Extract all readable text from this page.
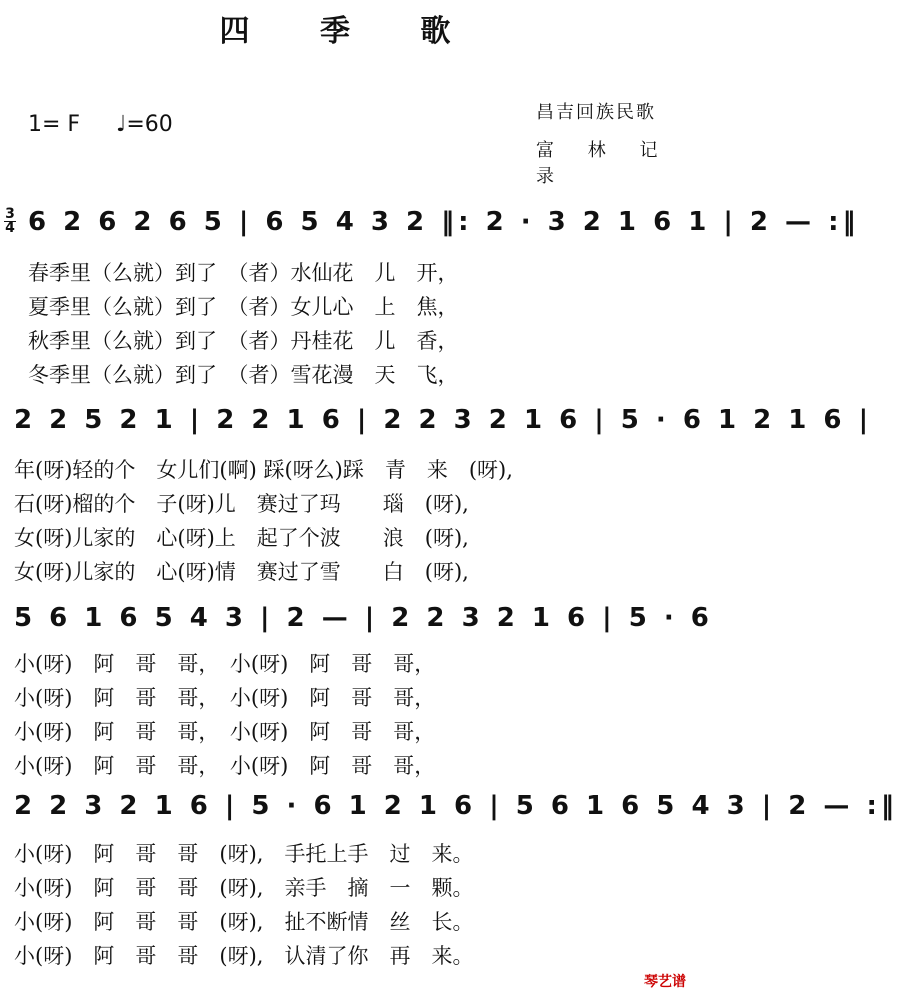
四 季 歌
1= F ♩=60	昌吉回族民歌
富 林 记录
3
4 6 2 6 2 6 5 | 6 5 4 3 2 ‖: 2 · 3 2 1 6 1 | 2 — :‖
春季里（么就）到了　（者）水仙花　儿　开，
夏季里（么就）到了　（者）女儿心　上　焦，
秋季里（么就）到了　（者）丹桂花　儿　香，
冬季里（么就）到了　（者）雪花漫　天　飞，
2 2 5 2 1 | 2 2 1 6 | 2 2 3 2 1 6 | 5 · 6 1 2 1 6 |
年(呀)轻的个　女儿们(啊) 踩(呀么)踩　青　来　(呀),
石(呀)榴的个　子(呀)儿　赛过了玛　　瑙　(呀),
女(呀)儿家的　心(呀)上　起了个波　　浪　(呀),
女(呀)儿家的　心(呀)情　赛过了雪　　白　(呀),
5 6 1 6 5 4 3 | 2 — | 2 2 3 2 1 6 | 5 · 6
小(呀)　阿　哥　哥，　小(呀)　阿　哥　哥，
小(呀)　阿　哥　哥，　小(呀)　阿　哥　哥，
小(呀)　阿　哥　哥，　小(呀)　阿　哥　哥，
小(呀)　阿　哥　哥，　小(呀)　阿　哥　哥，
2 2 3 2 1 6 | 5 · 6 1 2 1 6 | 5 6 1 6 5 4 3 | 2 — :‖
小(呀)　阿　哥　哥　(呀),　手托上手　过　来。
小(呀)　阿　哥　哥　(呀),　亲手　摘　一　颗。
小(呀)　阿　哥　哥　(呀),　扯不断情　丝　长。
小(呀)　阿　哥　哥　(呀),　认清了你　再　来。
琴艺谱
